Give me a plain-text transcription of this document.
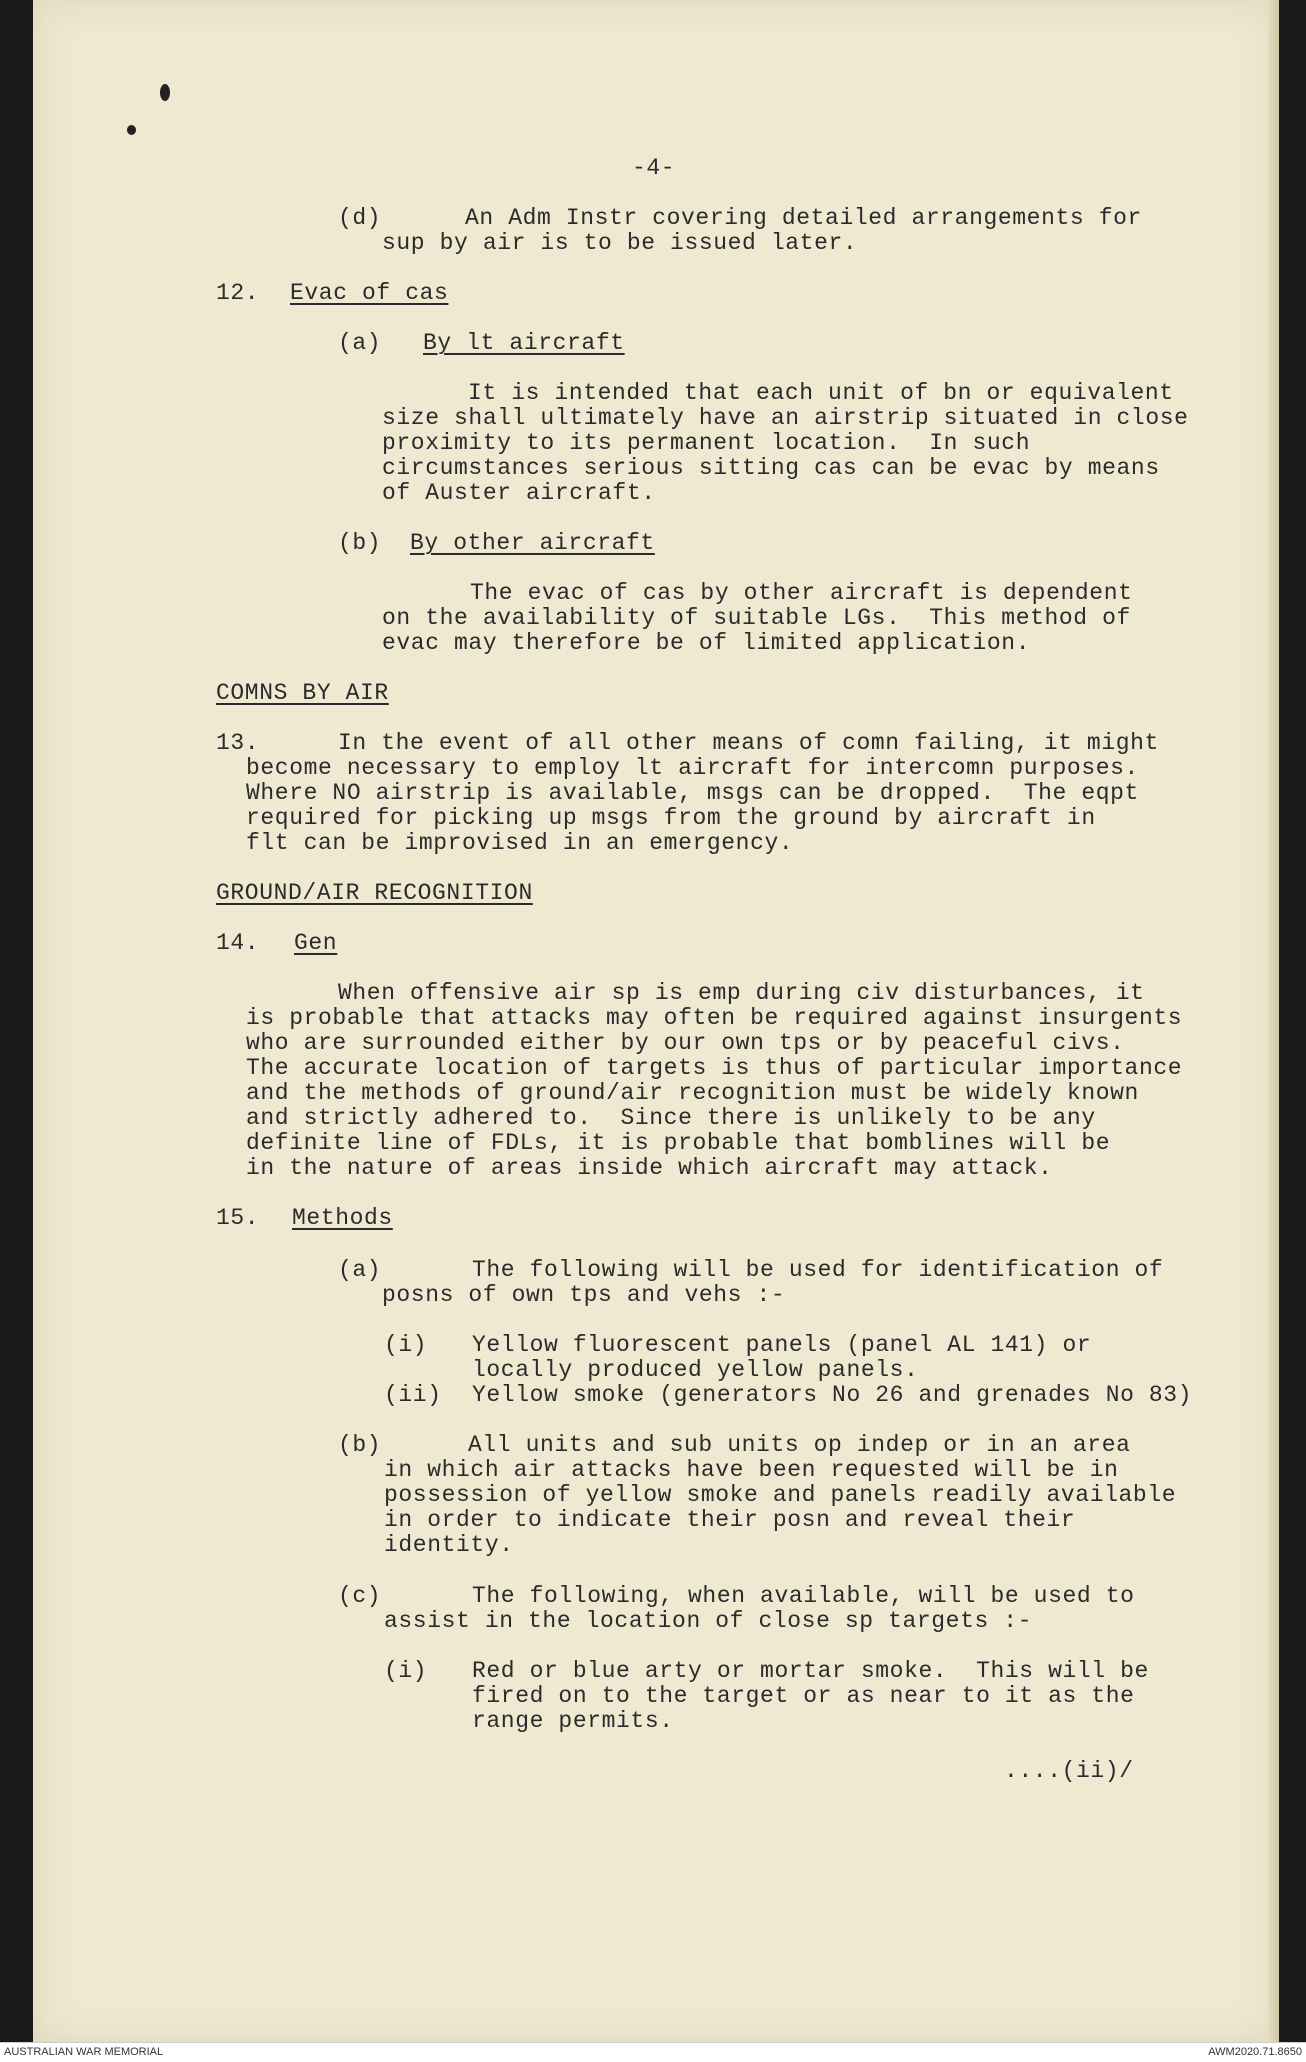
-4-

(d)	An Adm Instr covering detailed arrangements for

sup by air is to be issued later.

12. Evac of cas

(a) By lt aircraft

It is intended that each unit of bn or equivalent

size shall ultimately have an airstrip situated in close

proximity to its permanent location.  In such

circumstances serious sitting cas can be evac by means

of Auster aircraft.

(b) By other aircraft

The evac of cas by other aircraft is dependent

on the availability of suitable LGs.  This method of

evac may therefore be of limited application.

COMNS BY AIR

13.	In the event of all other means of comn failing, it might

become necessary to employ lt aircraft for intercomn purposes.

Where NO airstrip is available, msgs can be dropped.  The eqpt

required for picking up msgs from the ground by aircraft in

flt can be improvised in an emergency.

GROUND/AIR RECOGNITION

14. Gen

When offensive air sp is emp during civ disturbances, it

is probable that attacks may often be required against insurgents

who are surrounded either by our own tps or by peaceful civs.

The accurate location of targets is thus of particular importance

and the methods of ground/air recognition must be widely known

and strictly adhered to.  Since there is unlikely to be any

definite line of FDLs, it is probable that bomblines will be

in the nature of areas inside which aircraft may attack.

15. Methods

(a)	The following will be used for identification of

posns of own tps and vehs :-

(i) Yellow fluorescent panels (panel AL 141) or

locally produced yellow panels.

(ii) Yellow smoke (generators No 26 and grenades No 83)

(b)	All units and sub units op indep or in an area

in which air attacks have been requested will be in

possession of yellow smoke and panels readily available

in order to indicate their posn and reveal their

identity.

(c)	The following, when available, will be used to

assist in the location of close sp targets :-

(i) Red or blue arty or mortar smoke.  This will be

fired on to the target or as near to it as the

range permits.

....(ii)/

AUSTRALIAN WAR MEMORIAL	AWM2020.71.8650
